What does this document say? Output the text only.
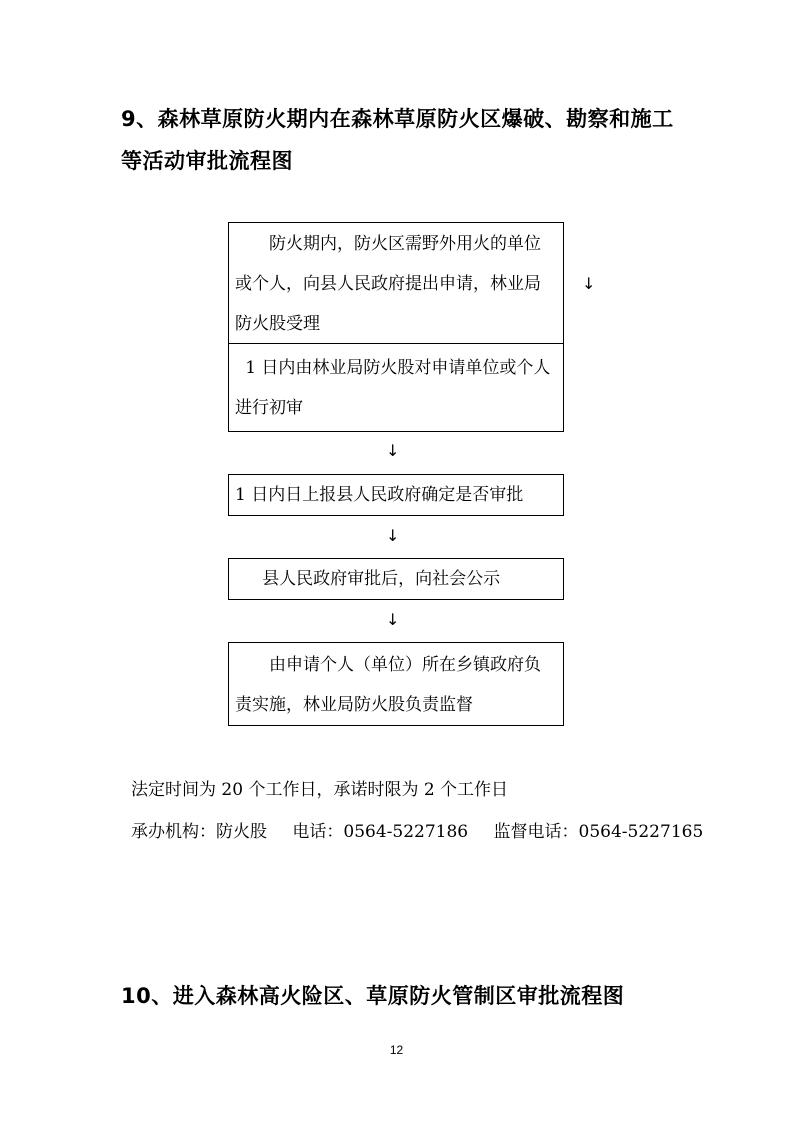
9、森林草原防火期内在森林草原防火区爆破、勘察和施工
等活动审批流程图
防火期内，防火区需野外用火的单位或个人，向县人民政府提出申请，林业局防火股受理
↓
1 日内由林业局防火股对申请单位或个人进行初审
↓
1 日内日上报县人民政府确定是否审批
↓
县人民政府审批后，向社会公示
↓
由申请个人（单位）所在乡镇政府负责实施，林业局防火股负责监督
法定时间为 20 个工作日，承诺时限为 2 个工作日
承办机构：防火股 电话：0564-5227186 监督电话：0564-5227165
10、进入森林高火险区、草原防火管制区审批流程图
12
